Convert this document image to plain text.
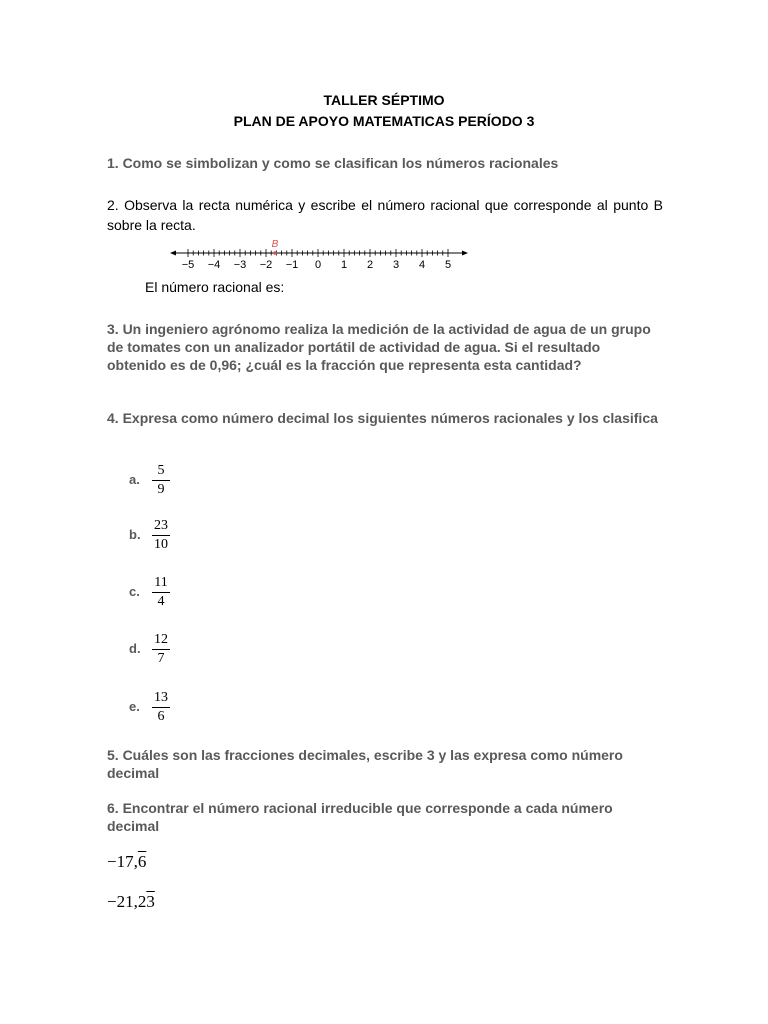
TALLER SÉPTIMO
PLAN DE APOYO MATEMATICAS PERÍODO 3
1. Como se simbolizan y como se clasifican los números racionales
2. Observa la recta numérica y escribe el número racional que corresponde al punto B sobre la recta.
−5 −4 −3 −2 −1 0 1 2 3 4 5
B
El número racional es:
3. Un ingeniero agrónomo realiza la medición de la actividad de agua de un grupo de tomates con un analizador portátil de actividad de agua. Si el resultado obtenido es de 0,96; ¿cuál es la fracción que representa esta cantidad?
4. Expresa como número decimal los siguientes números racionales y los clasifica
a.
5
9
b.
23
10
c.
11
4
d.
12
7
e.
13
6
5. Cuáles son las fracciones decimales, escribe 3 y las expresa como número decimal
6. Encontrar el número racional irreducible que corresponde a cada número decimal
−17,6
−21,23
